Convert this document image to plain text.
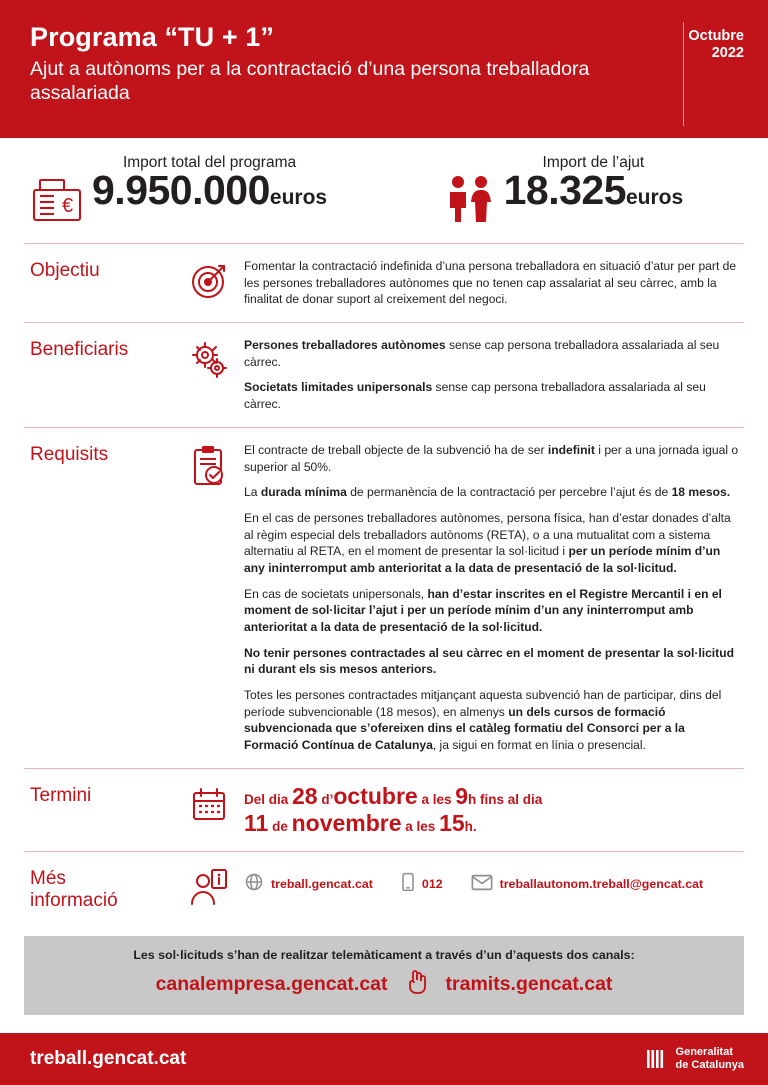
Programa “TU + 1”
Ajut a autònoms per a la contractació d’una persona treballadora assalariada
Octubre
2022
€
Import total del programa
9.950.000euros
Import de l’ajut
18.325euros
Objectiu	Fomentar la contractació indefinida d’una persona treballadora en situació d’atur per part de les persones treballadores autònomes que no tenen cap assalariat al seu càrrec, amb la finalitat de donar suport al creixement del negoci.

Beneficiaris	Persones treballadores autònomes sense cap persona treballadora assalariada al seu càrrec.

Societats limitades unipersonals sense cap persona treballadora assalariada al seu càrrec.

Requisits	El contracte de treball objecte de la subvenció ha de ser indefinit i per a una jornada igual o superior al 50%.

La durada mínima de permanència de la contractació per percebre l’ajut és de 18 mesos.

En el cas de persones treballadores autònomes, persona física, han d’estar donades d’alta al règim especial dels treballadors autònoms (RETA), o a una mutualitat com a sistema alternatiu al RETA, en el moment de presentar la sol·licitud i per un període mínim d’un any ininterromput amb anterioritat a la data de presentació de la sol·licitud.

En cas de societats unipersonals, han d’estar inscrites en el Registre Mercantil i en el moment de sol·licitar l’ajut i per un període mínim d’un any ininterromput amb anterioritat a la data de presentació de la sol·licitud.

No tenir persones contractades al seu càrrec en el moment de presentar la sol·licitud ni durant els sis mesos anteriors.

Totes les persones contractades mitjançant aquesta subvenció han de participar, dins del període subvencionable (18 mesos), en almenys un dels cursos de formació subvencionada que s’ofereixen dins el catàleg formatiu del Consorci per a la Formació Contínua de Catalunya, ja sigui en format en línia o presencial.

Termini	Del dia 28 d’octubre a les 9h fins al dia
11 de novembre a les 15h.
Més
informació
treball.gencat.cat	012	treballautonom.treball@gencat.cat
Les sol·licituds s’han de realitzar telemàticament a través d’un d’aquests dos canals:
canalempresa.gencat.cat	tramits.gencat.cat
treball.gencat.cat	Generalitat
de Catalunya
